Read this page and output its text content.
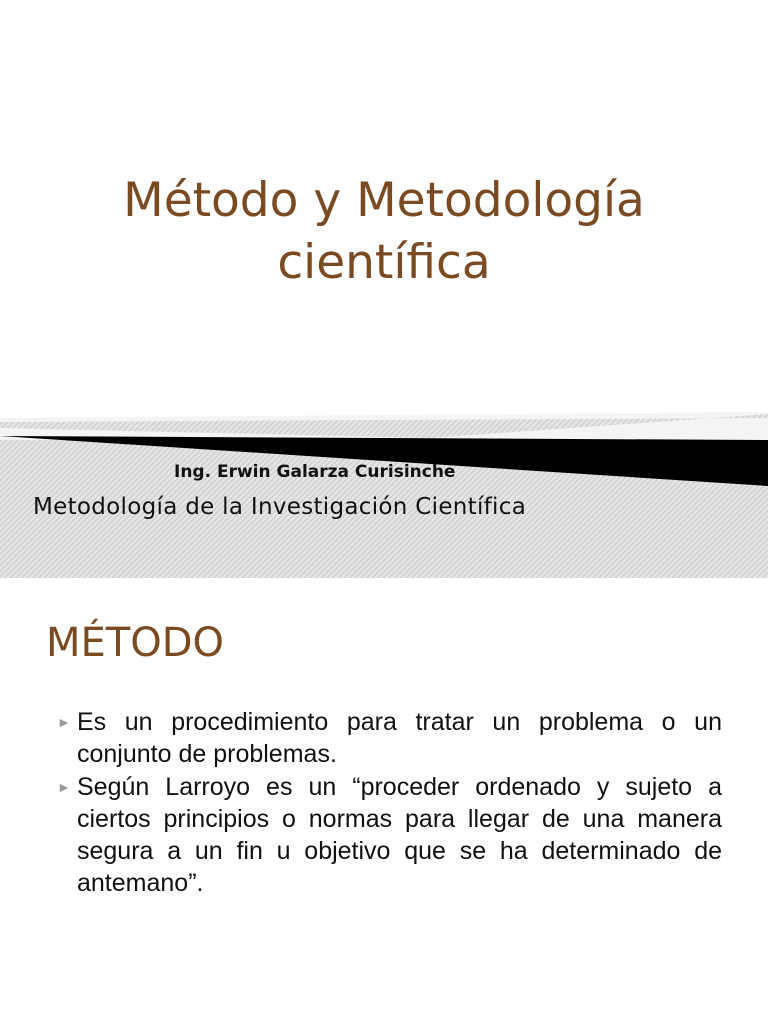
Método y Metodología
científica
Ing. Erwin Galarza Curisinche
Metodología de la Investigación Científica
MÉTODO
► Es un procedimiento para tratar un problema o un conjunto de problemas.
► Según Larroyo es un “proceder ordenado y sujeto a ciertos principios o normas para llegar de una manera segura a un fin u objetivo que se ha determinado de antemano”.
